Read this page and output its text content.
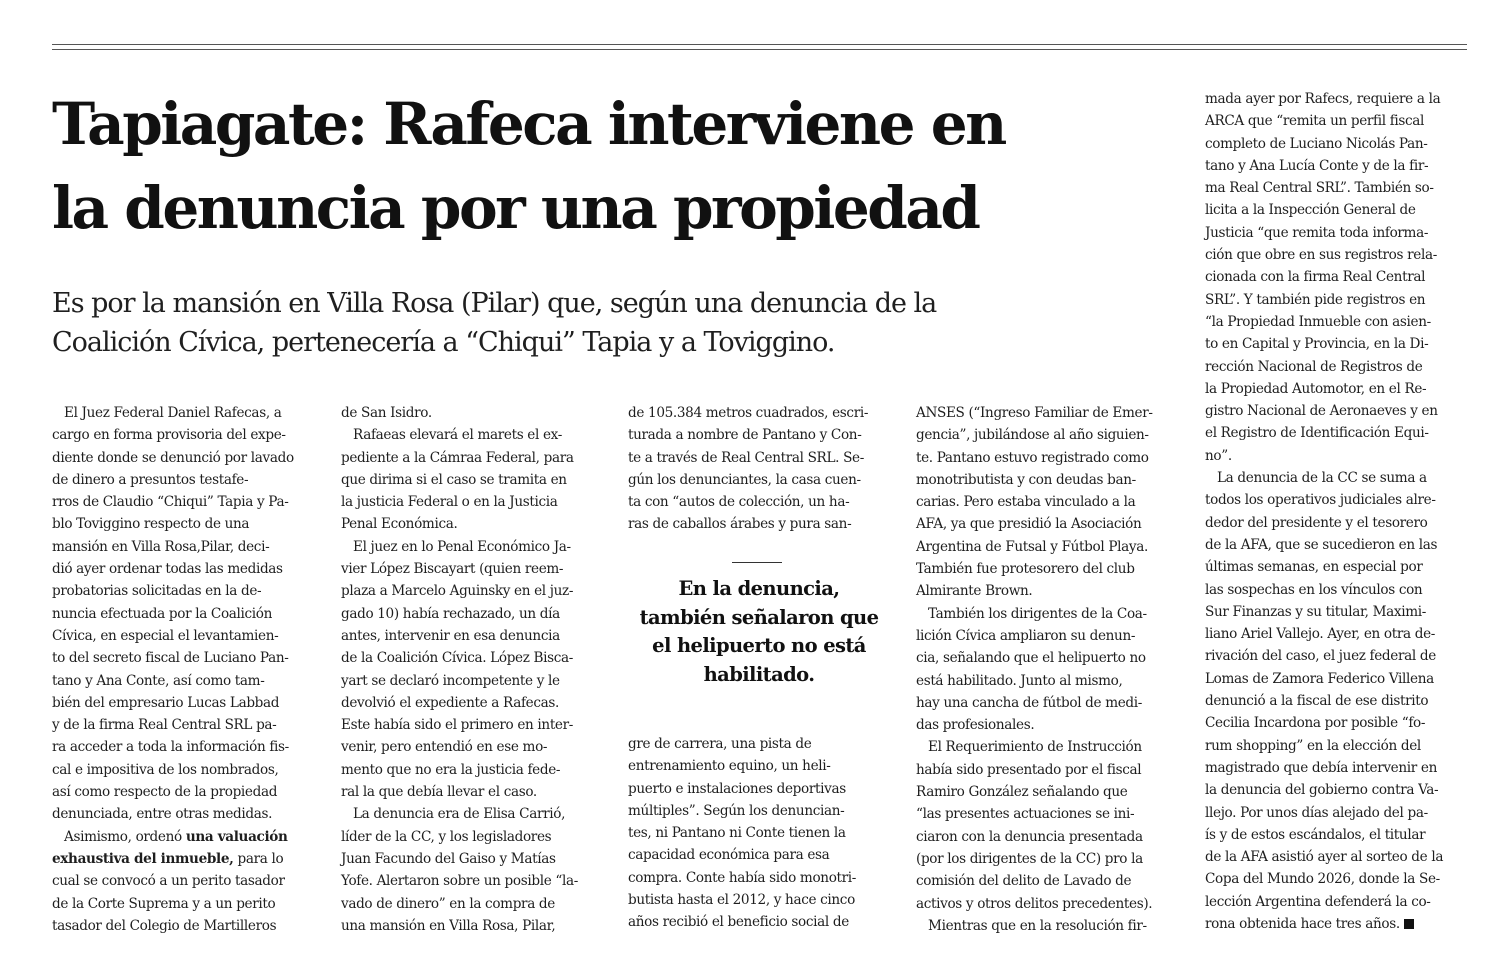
Tapiagate: Rafeca interviene en
la denuncia por una propiedad
Es por la mansión en Villa Rosa (Pilar) que, según una denuncia de la
Coalición Cívica, pertenecería a “Chiqui” Tapia y a Toviggino.
El Juez Federal Daniel Rafecas, a
cargo en forma provisoria del expe-
diente donde se denunció por lavado
de dinero a presuntos testafe-
rros de Claudio “Chiqui” Tapia y Pa-
blo Toviggino respecto de una
mansión en Villa Rosa,Pilar, deci-
dió ayer ordenar todas las medidas
probatorias solicitadas en la de-
nuncia efectuada por la Coalición
Cívica, en especial el levantamien-
to del secreto fiscal de Luciano Pan-
tano y Ana Conte, así como tam-
bién del empresario Lucas Labbad
y de la firma Real Central SRL pa-
ra acceder a toda la información fis-
cal e impositiva de los nombrados,
así como respecto de la propiedad
denunciada, entre otras medidas.
Asimismo, ordenó una valuación
exhaustiva del inmueble, para lo
cual se convocó a un perito tasador
de la Corte Suprema y a un perito
tasador del Colegio de Martilleros
de San Isidro.
Rafaeas elevará el marets el ex-
pediente a la Cámraa Federal, para
que dirima si el caso se tramita en
la justicia Federal o en la Justicia
Penal Económica.
El juez en lo Penal Económico Ja-
vier López Biscayart (quien reem-
plaza a Marcelo Aguinsky en el juz-
gado 10) había rechazado, un día
antes, intervenir en esa denuncia
de la Coalición Cívica. López Bisca-
yart se declaró incompetente y le
devolvió el expediente a Rafecas.
Este había sido el primero en inter-
venir, pero entendió en ese mo-
mento que no era la justicia fede-
ral la que debía llevar el caso.
La denuncia era de Elisa Carrió,
líder de la CC, y los legisladores
Juan Facundo del Gaiso y Matías
Yofe. Alertaron sobre un posible “la-
vado de dinero” en la compra de
una mansión en Villa Rosa, Pilar,
de 105.384 metros cuadrados, escri-
turada a nombre de Pantano y Con-
te a través de Real Central SRL. Se-
gún los denunciantes, la casa cuen-
ta con “autos de colección, un ha-
ras de caballos árabes y pura san-
En la denuncia,
también señalaron que
el helipuerto no está
habilitado.
gre de carrera, una pista de
entrenamiento equino, un heli-
puerto e instalaciones deportivas
múltiples”. Según los denuncian-
tes, ni Pantano ni Conte tienen la
capacidad económica para esa
compra. Conte había sido monotri-
butista hasta el 2012, y hace cinco
años recibió el beneficio social de
ANSES (“Ingreso Familiar de Emer-
gencia”, jubilándose al año siguien-
te. Pantano estuvo registrado como
monotributista y con deudas ban-
carias. Pero estaba vinculado a la
AFA, ya que presidió la Asociación
Argentina de Futsal y Fútbol Playa.
También fue protesorero del club
Almirante Brown.
También los dirigentes de la Coa-
lición Cívica ampliaron su denun-
cia, señalando que el helipuerto no
está habilitado. Junto al mismo,
hay una cancha de fútbol de medi-
das profesionales.
El Requerimiento de Instrucción
había sido presentado por el fiscal
Ramiro González señalando que
“las presentes actuaciones se ini-
ciaron con la denuncia presentada
(por los dirigentes de la CC) pro la
comisión del delito de Lavado de
activos y otros delitos precedentes).
Mientras que en la resolución fir-
mada ayer por Rafecs, requiere a la
ARCA que “remita un perfil fiscal
completo de Luciano Nicolás Pan-
tano y Ana Lucía Conte y de la fir-
ma Real Central SRL”. También so-
licita a la Inspección General de
Justicia “que remita toda informa-
ción que obre en sus registros rela-
cionada con la firma Real Central
SRL”. Y también pide registros en
“la Propiedad Inmueble con asien-
to en Capital y Provincia, en la Di-
rección Nacional de Registros de
la Propiedad Automotor, en el Re-
gistro Nacional de Aeronaeves y en
el Registro de Identificación Equi-
no”.
La denuncia de la CC se suma a
todos los operativos judiciales alre-
dedor del presidente y el tesorero
de la AFA, que se sucedieron en las
últimas semanas, en especial por
las sospechas en los vínculos con
Sur Finanzas y su titular, Maximi-
liano Ariel Vallejo. Ayer, en otra de-
rivación del caso, el juez federal de
Lomas de Zamora Federico Villena
denunció a la fiscal de ese distrito
Cecilia Incardona por posible “fo-
rum shopping” en la elección del
magistrado que debía intervenir en
la denuncia del gobierno contra Va-
llejo. Por unos días alejado del pa-
ís y de estos escándalos, el titular
de la AFA asistió ayer al sorteo de la
Copa del Mundo 2026, donde la Se-
lección Argentina defenderá la co-
rona obtenida hace tres años.
